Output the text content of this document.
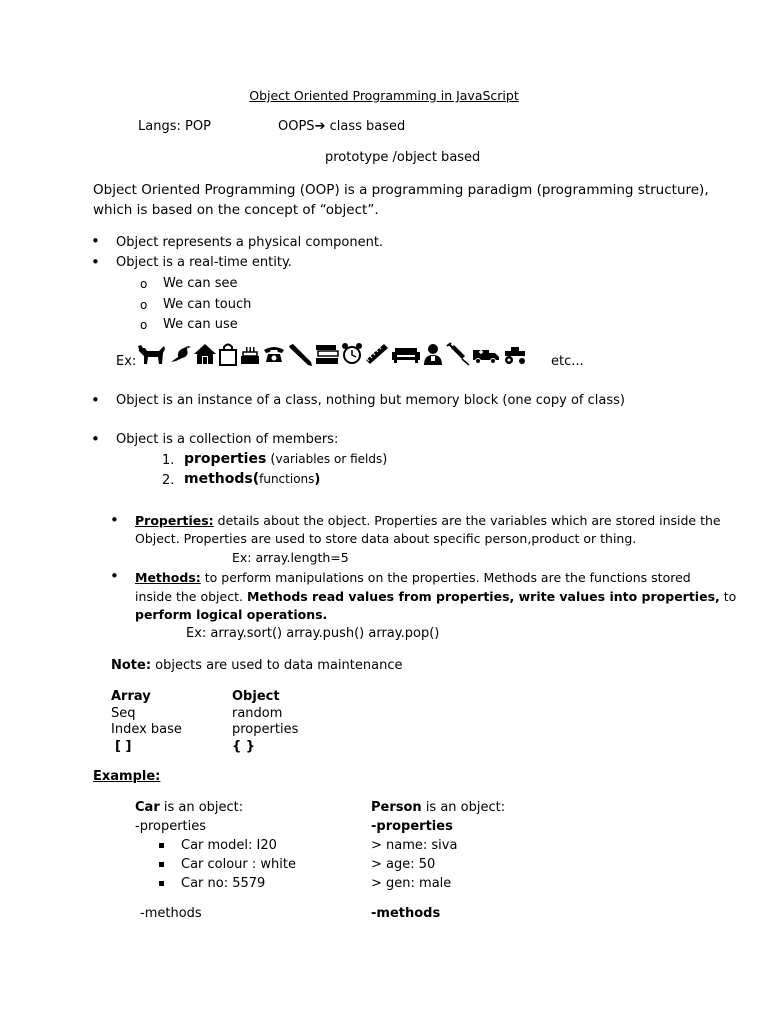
Object Oriented Programming in JavaScript
Langs: POP	OOPS➔ class based
prototype /object based
Object Oriented Programming (OOP) is a programming paradigm (programming structure),
which is based on the concept of “object”.
• Object represents a physical component.
• Object is a real-time entity.
o We can see
o We can touch
o We can use
Ex:	etc...
• Object is an instance of a class, nothing but memory block (one copy of class)
• Object is a collection of members:
1. properties (variables or fields)
2. methods(functions)
• Properties: details about the object. Properties are the variables which are stored inside the
Object. Properties are used to store data about specific person,product or thing.
Ex: array.length=5
• Methods: to perform manipulations on the properties. Methods are the functions stored
inside the object. Methods read values from properties, write values into properties, to
perform logical operations.
Ex: array.sort() array.push() array.pop()
Note: objects are used to data maintenance
Array	Object
Seq	random
Index base	properties
[ ]	{ }
Example:
Car is an object:
-properties
Car model: I20
Car colour : white
Car no: 5579
-methods
Person is an object:
-properties
> name: siva
> age: 50
> gen: male
-methods
